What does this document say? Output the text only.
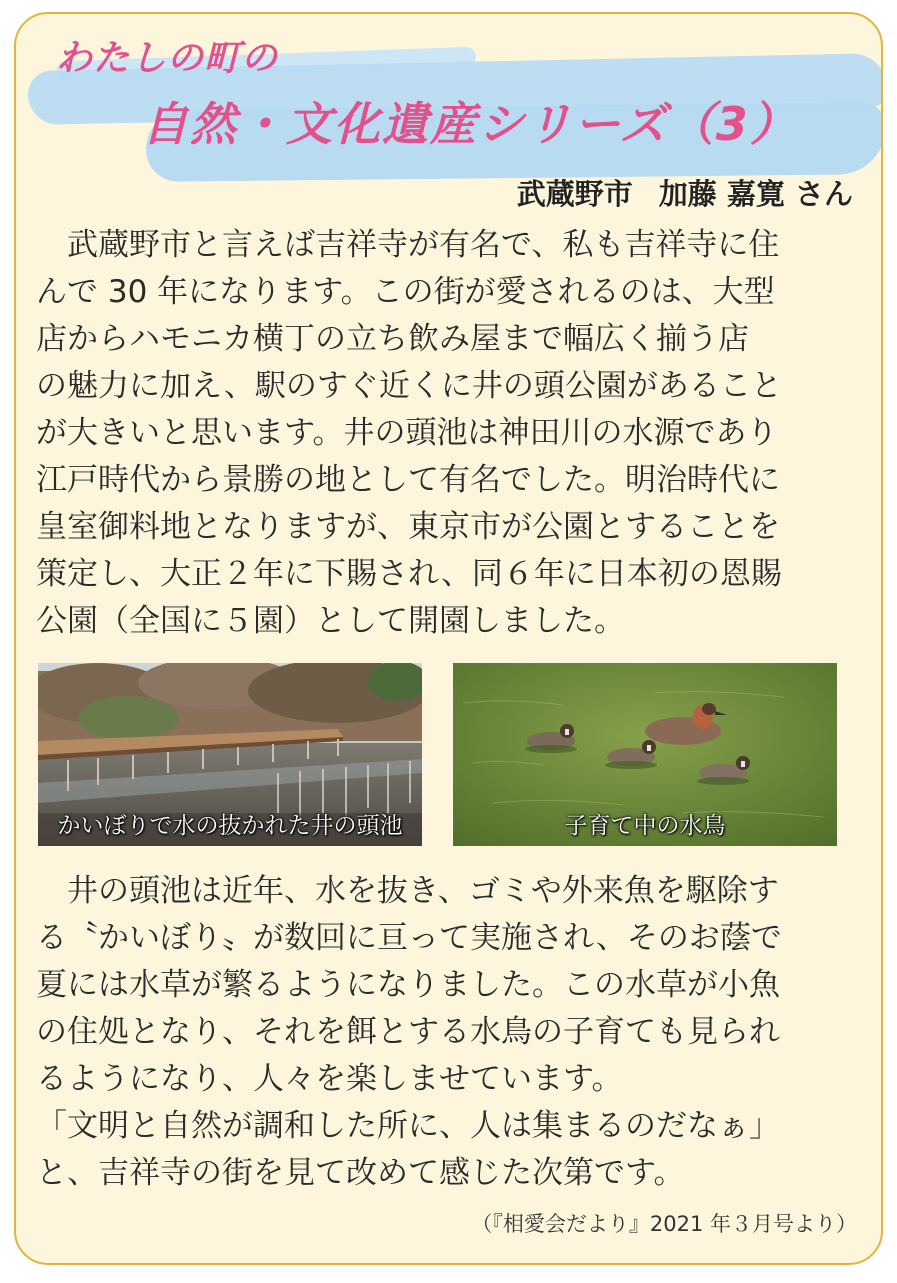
わたしの町の
自然・文化遺産シリーズ（3）
武蔵野市 加藤 嘉寛 さん
　武蔵野市と言えば吉祥寺が有名で、私も吉祥寺に住
んで 30 年になります。この街が愛されるのは、大型
店からハモニカ横丁の立ち飲み屋まで幅広く揃う店
の魅力に加え、駅のすぐ近くに井の頭公園があること
が大きいと思います。井の頭池は神田川の水源であり
江戸時代から景勝の地として有名でした。明治時代に
皇室御料地となりますが、東京市が公園とすることを
策定し、大正２年に下賜され、同６年に日本初の恩賜
公園（全国に５園）として開園しました。
かいぼりで水の抜かれた井の頭池	子育て中の水鳥
　井の頭池は近年、水を抜き、ゴミや外来魚を駆除す
る〝かいぼり〟が数回に亘って実施され、そのお蔭で
夏には水草が繁るようになりました。この水草が小魚
の住処となり、それを餌とする水鳥の子育ても見られ
るようになり、人々を楽しませています。
「文明と自然が調和した所に、人は集まるのだなぁ」
と、吉祥寺の街を見て改めて感じた次第です。
（『相愛会だより』2021 年３月号より）
